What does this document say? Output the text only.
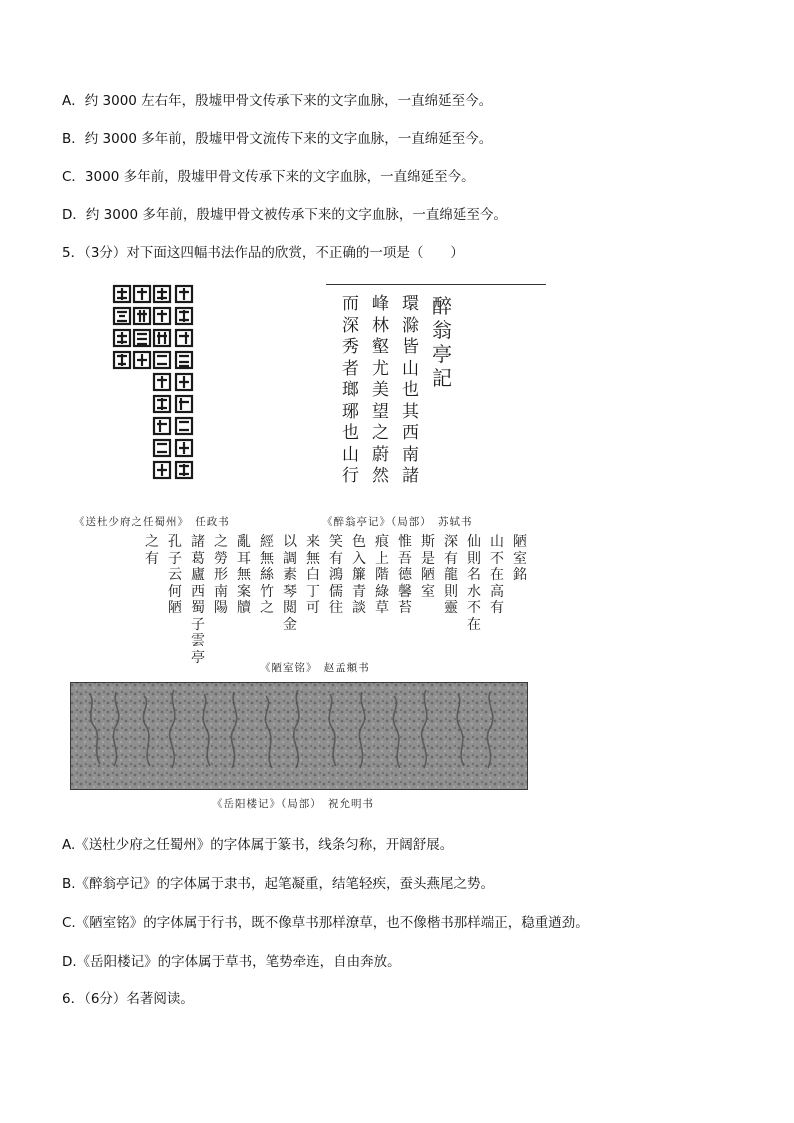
A．约 3000 左右年，殷墟甲骨文传承下来的文字血脉，一直绵延至今。
B．约 3000 多年前，殷墟甲骨文流传下来的文字血脉，一直绵延至今。
C．3000 多年前，殷墟甲骨文传承下来的文字血脉，一直绵延至今。
D．约 3000 多年前，殷墟甲骨文被传承下来的文字血脉，一直绵延至今。
5．（3分）对下面这四幅书法作品的欣赏，不正确的一项是（　　）
《送杜少府之任蜀州》　任政书
醉翁亭記
環滁皆山也其西南諸
峰林壑尤美望之蔚然
而深秀者瑯琊也山行
《醉翁亭记》（局部）　苏轼书
陋室銘
山不在高有
仙則名水不在
深有龍則靈
斯是陋室
惟吾德馨苔
痕上階綠草
色入簾青談
笑有鴻儒往
来無白丁可
以調素琴閲金
經無絲竹之
亂耳無案牘
之勞形南陽
諸葛廬西蜀子雲亭
孔子云何陋
之有
《陋室铭》　赵孟頫书
《岳阳楼记》（局部）　祝允明书
A.《送杜少府之任蜀州》的字体属于篆书，线条匀称，开阔舒展。
B.《醉翁亭记》的字体属于隶书，起笔凝重，结笔轻疾，蚕头燕尾之势。
C.《陋室铭》的字体属于行书，既不像草书那样潦草，也不像楷书那样端正，稳重遒劲。
D.《岳阳楼记》的字体属于草书，笔势牵连，自由奔放。
6．（6分）名著阅读。
